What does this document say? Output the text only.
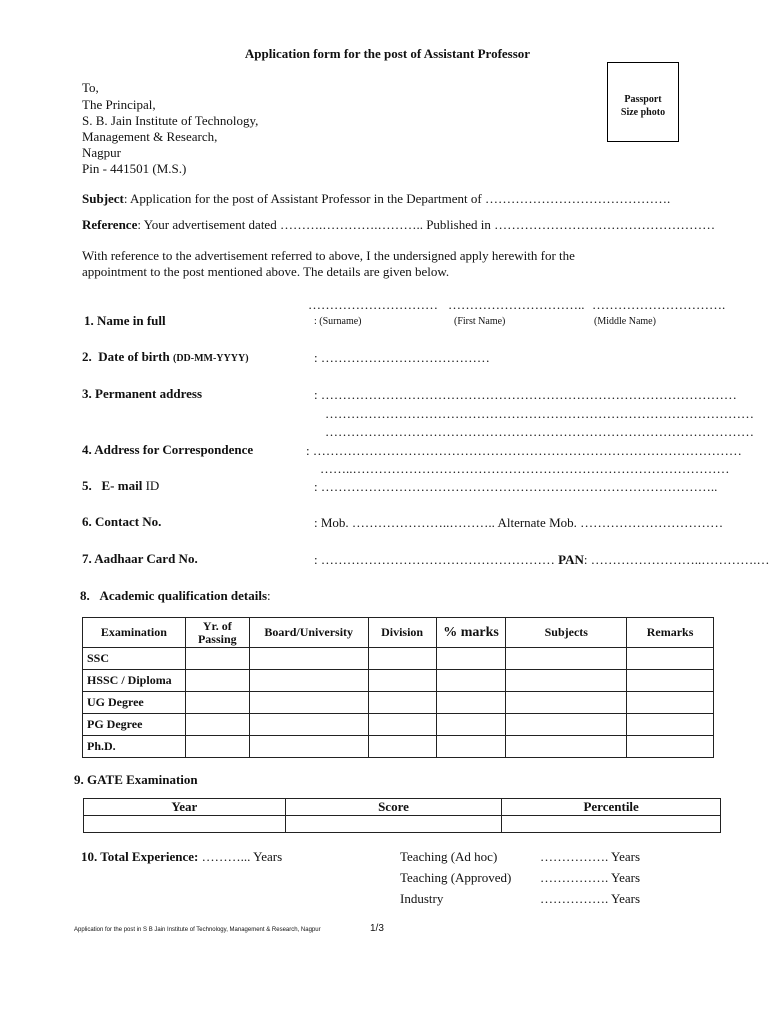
Application form for the post of Assistant Professor
Passport
Size photo
To,
The Principal,
S. B. Jain Institute of Technology,
Management & Research,
Nagpur
Pin - 441501 (M.S.)
Subject: Application for the post of Assistant Professor in the Department of …………………………………….
Reference: Your advertisement dated ……….………….……….. Published in ……………………………………………
With reference to the advertisement referred to above, I the undersigned apply herewith for the
appointment to the post mentioned above. The details are given below.
………………………… ………………………….. ………………………….
1. Name in full	: (Surname)	(First Name)	(Middle Name)
2. Date of birth (DD-MM-YYYY)	: …………………………………
3. Permanent address	: ……………………………………………………………………………………
………………………………………………………………………………………
………………………………………………………………………………………
4. Address for Correspondence	: ………………………………………………………………………………………
……..……………………………………………………………………………
5. E- mail ID	: ………………………………………………………………………………..
6. Contact No.	: Mob. …………………..……….. Alternate Mob. ……………………………
7. Aadhaar Card No.	: ……………………………………………… PAN: ……………………..………….…
8. Academic qualification details:
Examination	Yr. of Passing	Board/University	Division	% marks	Subjects	Remarks
SSC						
HSSC / Diploma						
UG Degree						
PG Degree						
Ph.D.						
9. GATE Examination
Year	Score	Percentile

10. Total Experience: ………... Years	Teaching (Ad hoc)	……………. Years
Teaching (Approved) ……………. Years
Industry	……………. Years
Application for the post in S B Jain Institute of Technology, Management & Research, Nagpur	1/3
